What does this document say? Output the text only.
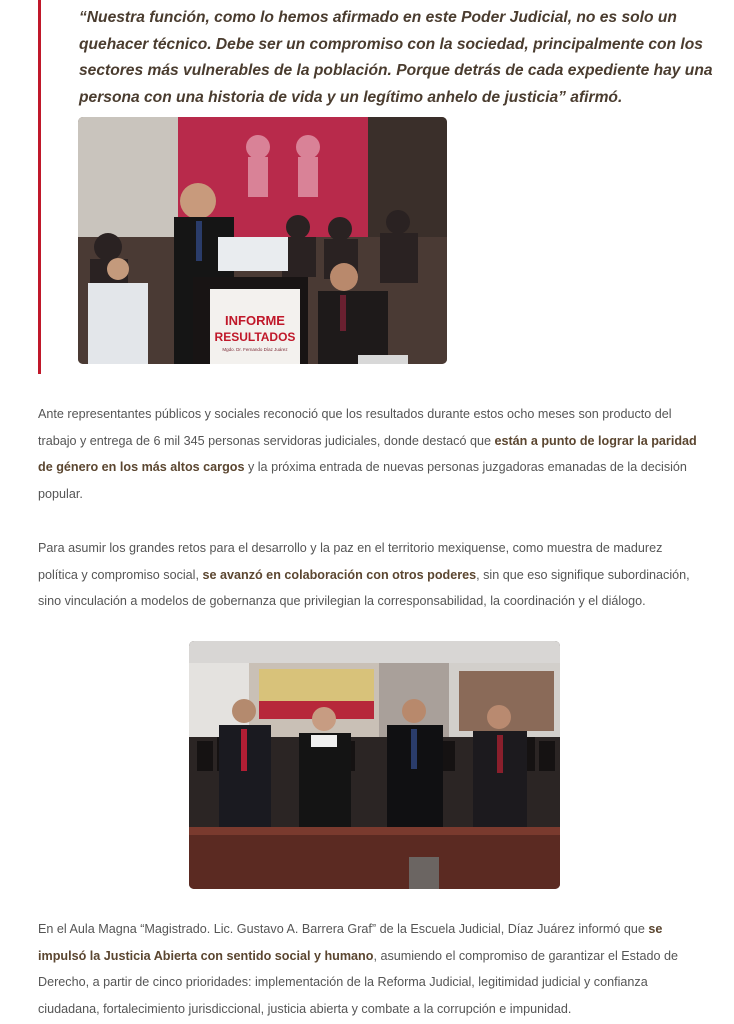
“Nuestra función, como lo hemos afirmado en este Poder Judicial, no es solo un quehacer técnico. Debe ser un compromiso con la sociedad, principalmente con los sectores más vulnerables de la población. Porque detrás de cada expediente hay una persona con una historia de vida y un legítimo anhelo de justicia” afirmó.
INFORME
RESULTADOS
Mgdo. Dr. Fernando Díaz Juárez
Ante representantes públicos y sociales reconoció que los resultados durante estos ocho meses son producto del trabajo y entrega de 6 mil 345 personas servidoras judiciales, donde destacó que están a punto de lograr la paridad de género en los más altos cargos y la próxima entrada de nuevas personas juzgadoras emanadas de la decisión popular.
Para asumir los grandes retos para el desarrollo y la paz en el territorio mexiquense, como muestra de madurez política y compromiso social, se avanzó en colaboración con otros poderes, sin que eso signifique subordinación, sino vinculación a modelos de gobernanza que privilegian la corresponsabilidad, la coordinación y el diálogo.
En el Aula Magna “Magistrado. Lic. Gustavo A. Barrera Graf” de la Escuela Judicial, Díaz Juárez informó que se impulsó la Justicia Abierta con sentido social y humano, asumiendo el compromiso de garantizar el Estado de Derecho, a partir de cinco prioridades: implementación de la Reforma Judicial, legitimidad judicial y confianza ciudadana, fortalecimiento jurisdiccional, justicia abierta y combate a la corrupción e impunidad.
